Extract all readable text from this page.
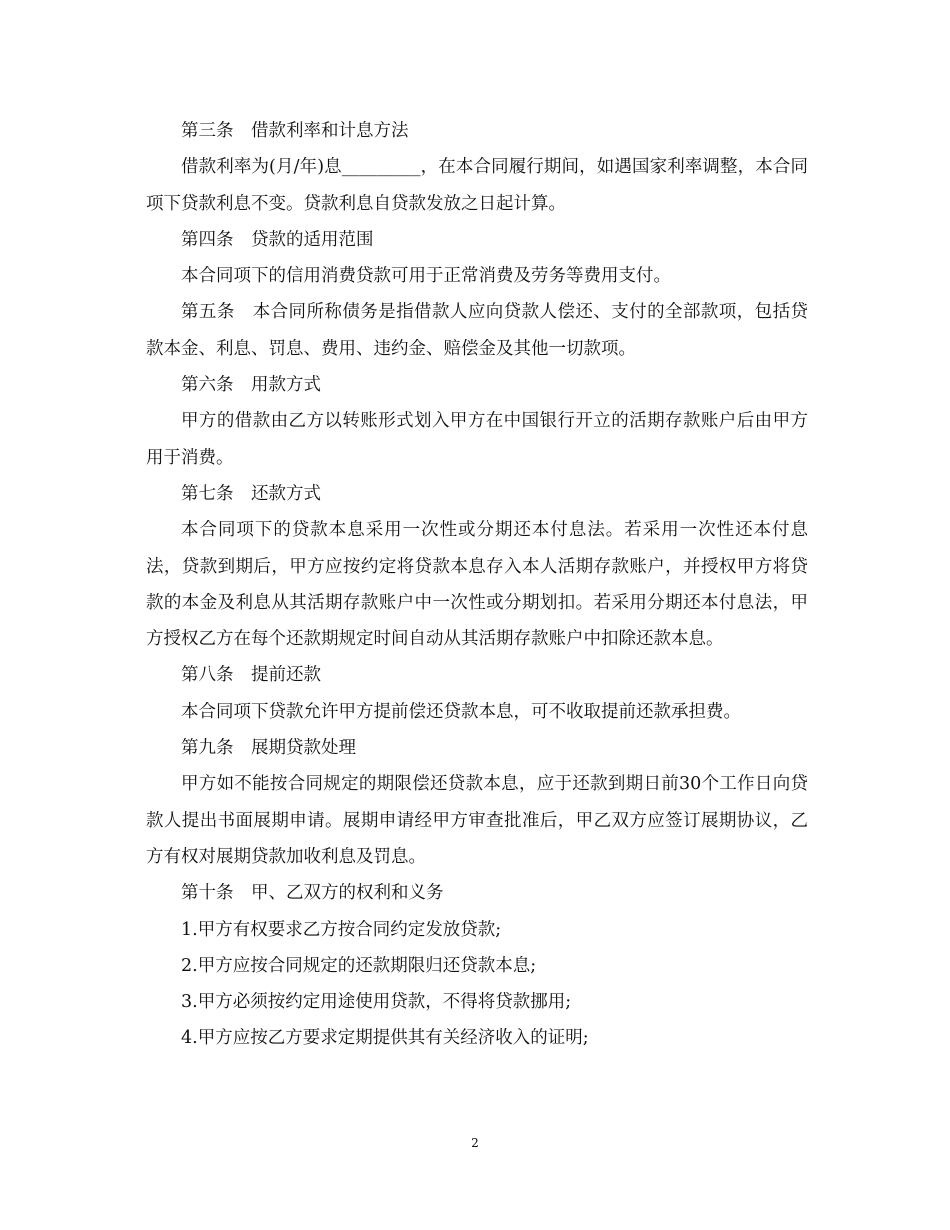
第三条　借款利率和计息方法

借款利率为(月/年)息_________，在本合同履行期间，如遇国家利率调整，本合同项下贷款利息不变。贷款利息自贷款发放之日起计算。

第四条　贷款的适用范围

本合同项下的信用消费贷款可用于正常消费及劳务等费用支付。

第五条　本合同所称债务是指借款人应向贷款人偿还、支付的全部款项，包括贷款本金、利息、罚息、费用、违约金、赔偿金及其他一切款项。

第六条　用款方式

甲方的借款由乙方以转账形式划入甲方在中国银行开立的活期存款账户后由甲方用于消费。

第七条　还款方式

本合同项下的贷款本息采用一次性或分期还本付息法。若采用一次性还本付息法，贷款到期后，甲方应按约定将贷款本息存入本人活期存款账户，并授权甲方将贷款的本金及利息从其活期存款账户中一次性或分期划扣。若采用分期还本付息法，甲方授权乙方在每个还款期规定时间自动从其活期存款账户中扣除还款本息。

第八条　提前还款

本合同项下贷款允许甲方提前偿还贷款本息，可不收取提前还款承担费。

第九条　展期贷款处理

甲方如不能按合同规定的期限偿还贷款本息，应于还款到期日前30个工作日向贷款人提出书面展期申请。展期申请经甲方审查批准后，甲乙双方应签订展期协议，乙方有权对展期贷款加收利息及罚息。

第十条　甲、乙双方的权利和义务

1.甲方有权要求乙方按合同约定发放贷款;

2.甲方应按合同规定的还款期限归还贷款本息;

3.甲方必须按约定用途使用贷款，不得将贷款挪用;

4.甲方应按乙方要求定期提供其有关经济收入的证明;

2
